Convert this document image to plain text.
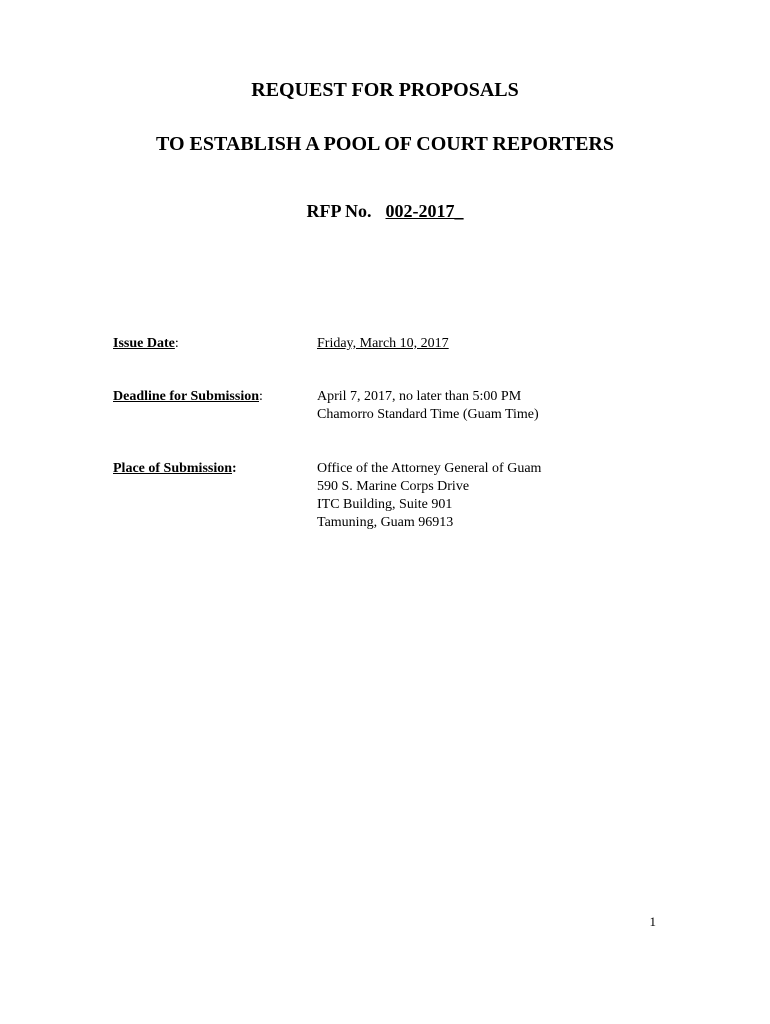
REQUEST FOR PROPOSALS
TO ESTABLISH A POOL OF COURT REPORTERS
RFP No. 002-2017_
Issue Date:	Friday, March 10, 2017
Deadline for Submission:	April 7, 2017, no later than 5:00 PM
Chamorro Standard Time (Guam Time)
Place of Submission:	Office of the Attorney General of Guam
590 S. Marine Corps Drive
ITC Building, Suite 901
Tamuning, Guam 96913
1
